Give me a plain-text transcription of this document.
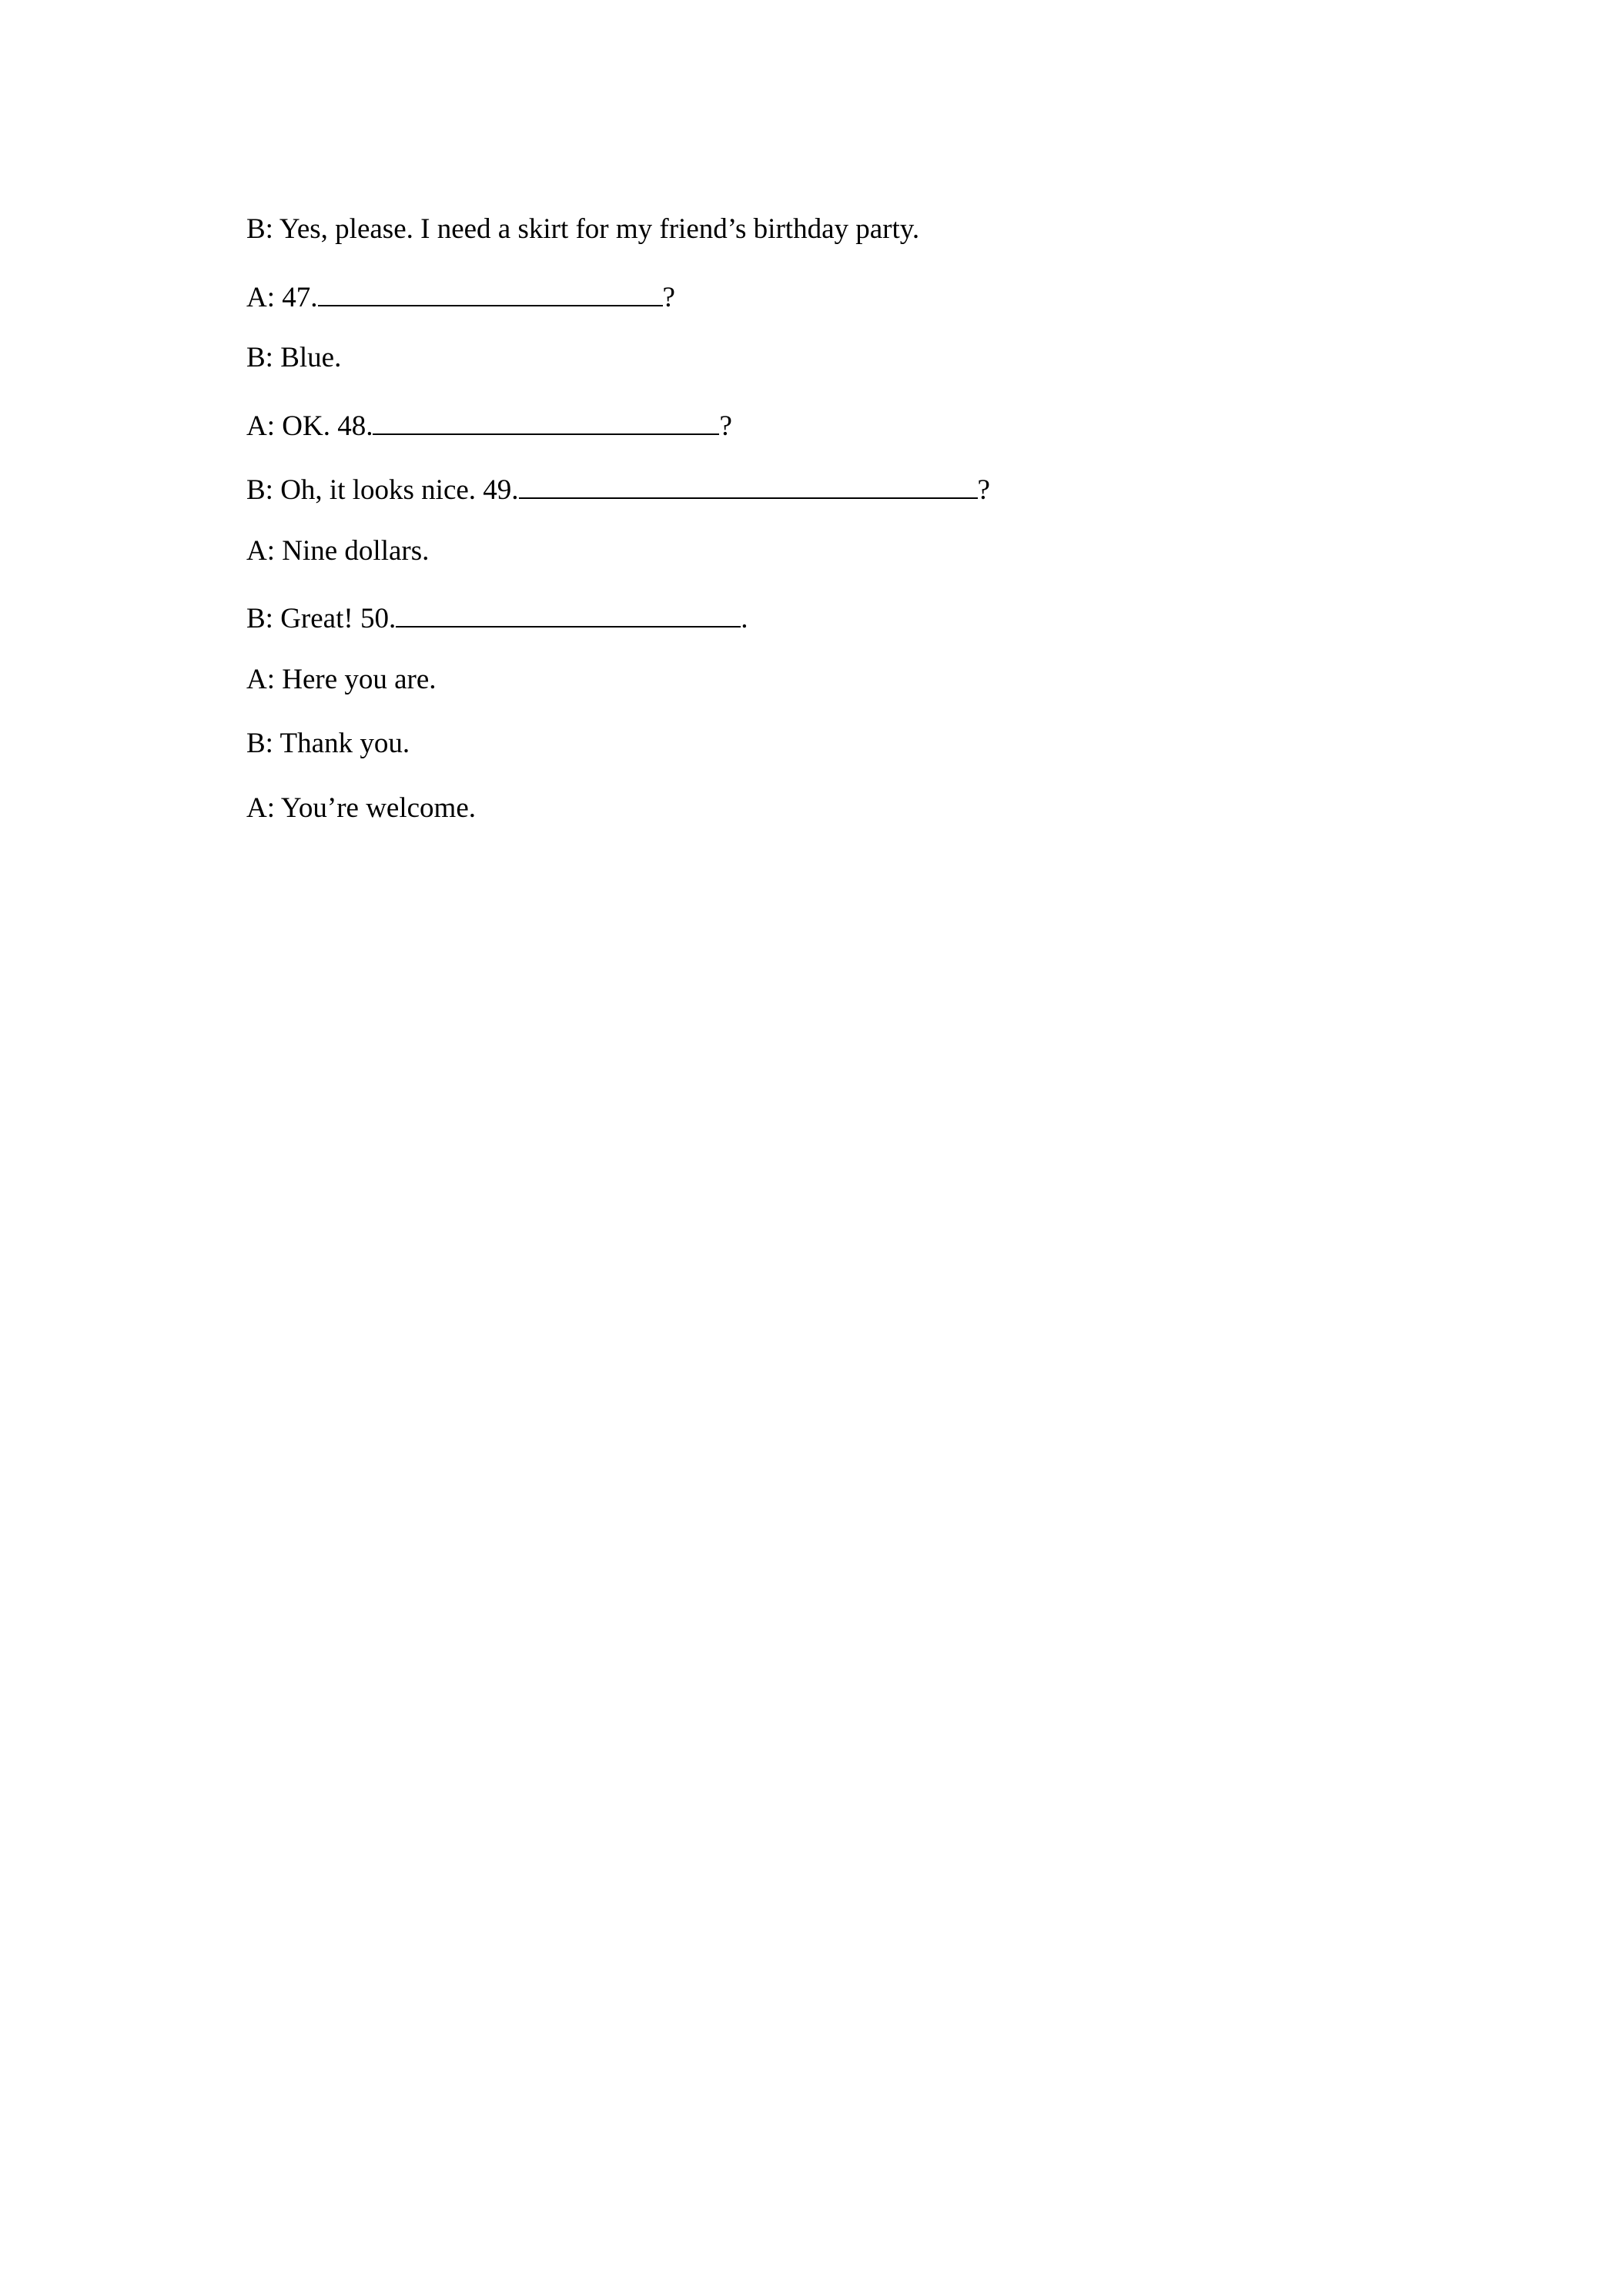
B: Yes, please. I need a skirt for my friend’s birthday party.
A: 47.	?
B: Blue.
A: OK. 48.	?
B: Oh, it looks nice. 49.	?
A: Nine dollars.
B: Great! 50.	.
A: Here you are.
B: Thank you.
A: You’re welcome.
